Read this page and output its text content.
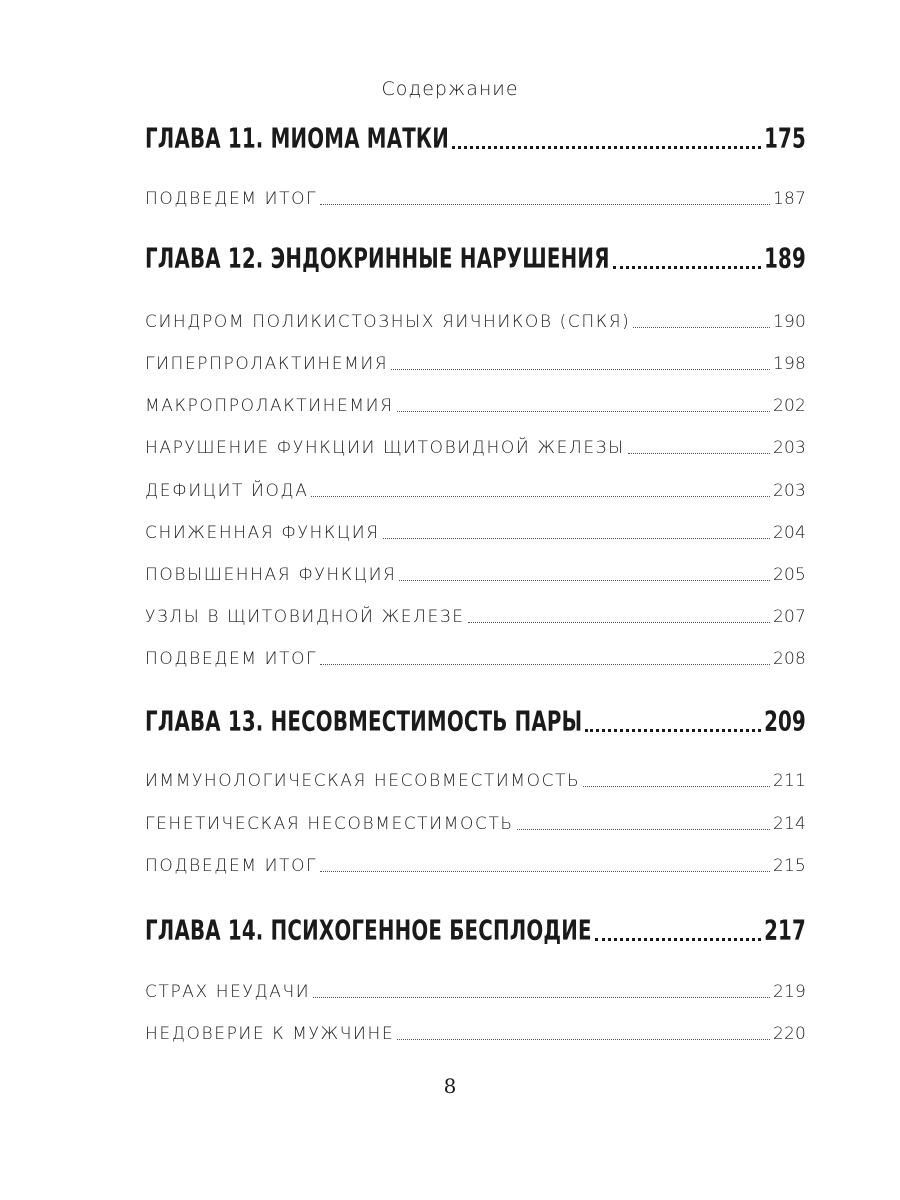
Содержание
ГЛАВА 11. МИОМА МАТКИ	175
ПОДВЕДЕМ ИТОГ	187
ГЛАВА 12. ЭНДОКРИННЫЕ НАРУШЕНИЯ	189
СИНДРОМ ПОЛИКИСТОЗНЫХ ЯИЧНИКОВ (СПКЯ)	190
ГИПЕРПРОЛАКТИНЕМИЯ	198
МАКРОПРОЛАКТИНЕМИЯ	202
НАРУШЕНИЕ ФУНКЦИИ ЩИТОВИДНОЙ ЖЕЛЕЗЫ	203
ДЕФИЦИТ ЙОДА	203
СНИЖЕННАЯ ФУНКЦИЯ	204
ПОВЫШЕННАЯ ФУНКЦИЯ	205
УЗЛЫ В ЩИТОВИДНОЙ ЖЕЛЕЗЕ	207
ПОДВЕДЕМ ИТОГ	208
ГЛАВА 13. НЕСОВМЕСТИМОСТЬ ПАРЫ	209
ИММУНОЛОГИЧЕСКАЯ НЕСОВМЕСТИМОСТЬ	211
ГЕНЕТИЧЕСКАЯ НЕСОВМЕСТИМОСТЬ	214
ПОДВЕДЕМ ИТОГ	215
ГЛАВА 14. ПСИХОГЕННОЕ БЕСПЛОДИЕ	217
СТРАХ НЕУДАЧИ	219
НЕДОВЕРИЕ К МУЖЧИНЕ	220
8
